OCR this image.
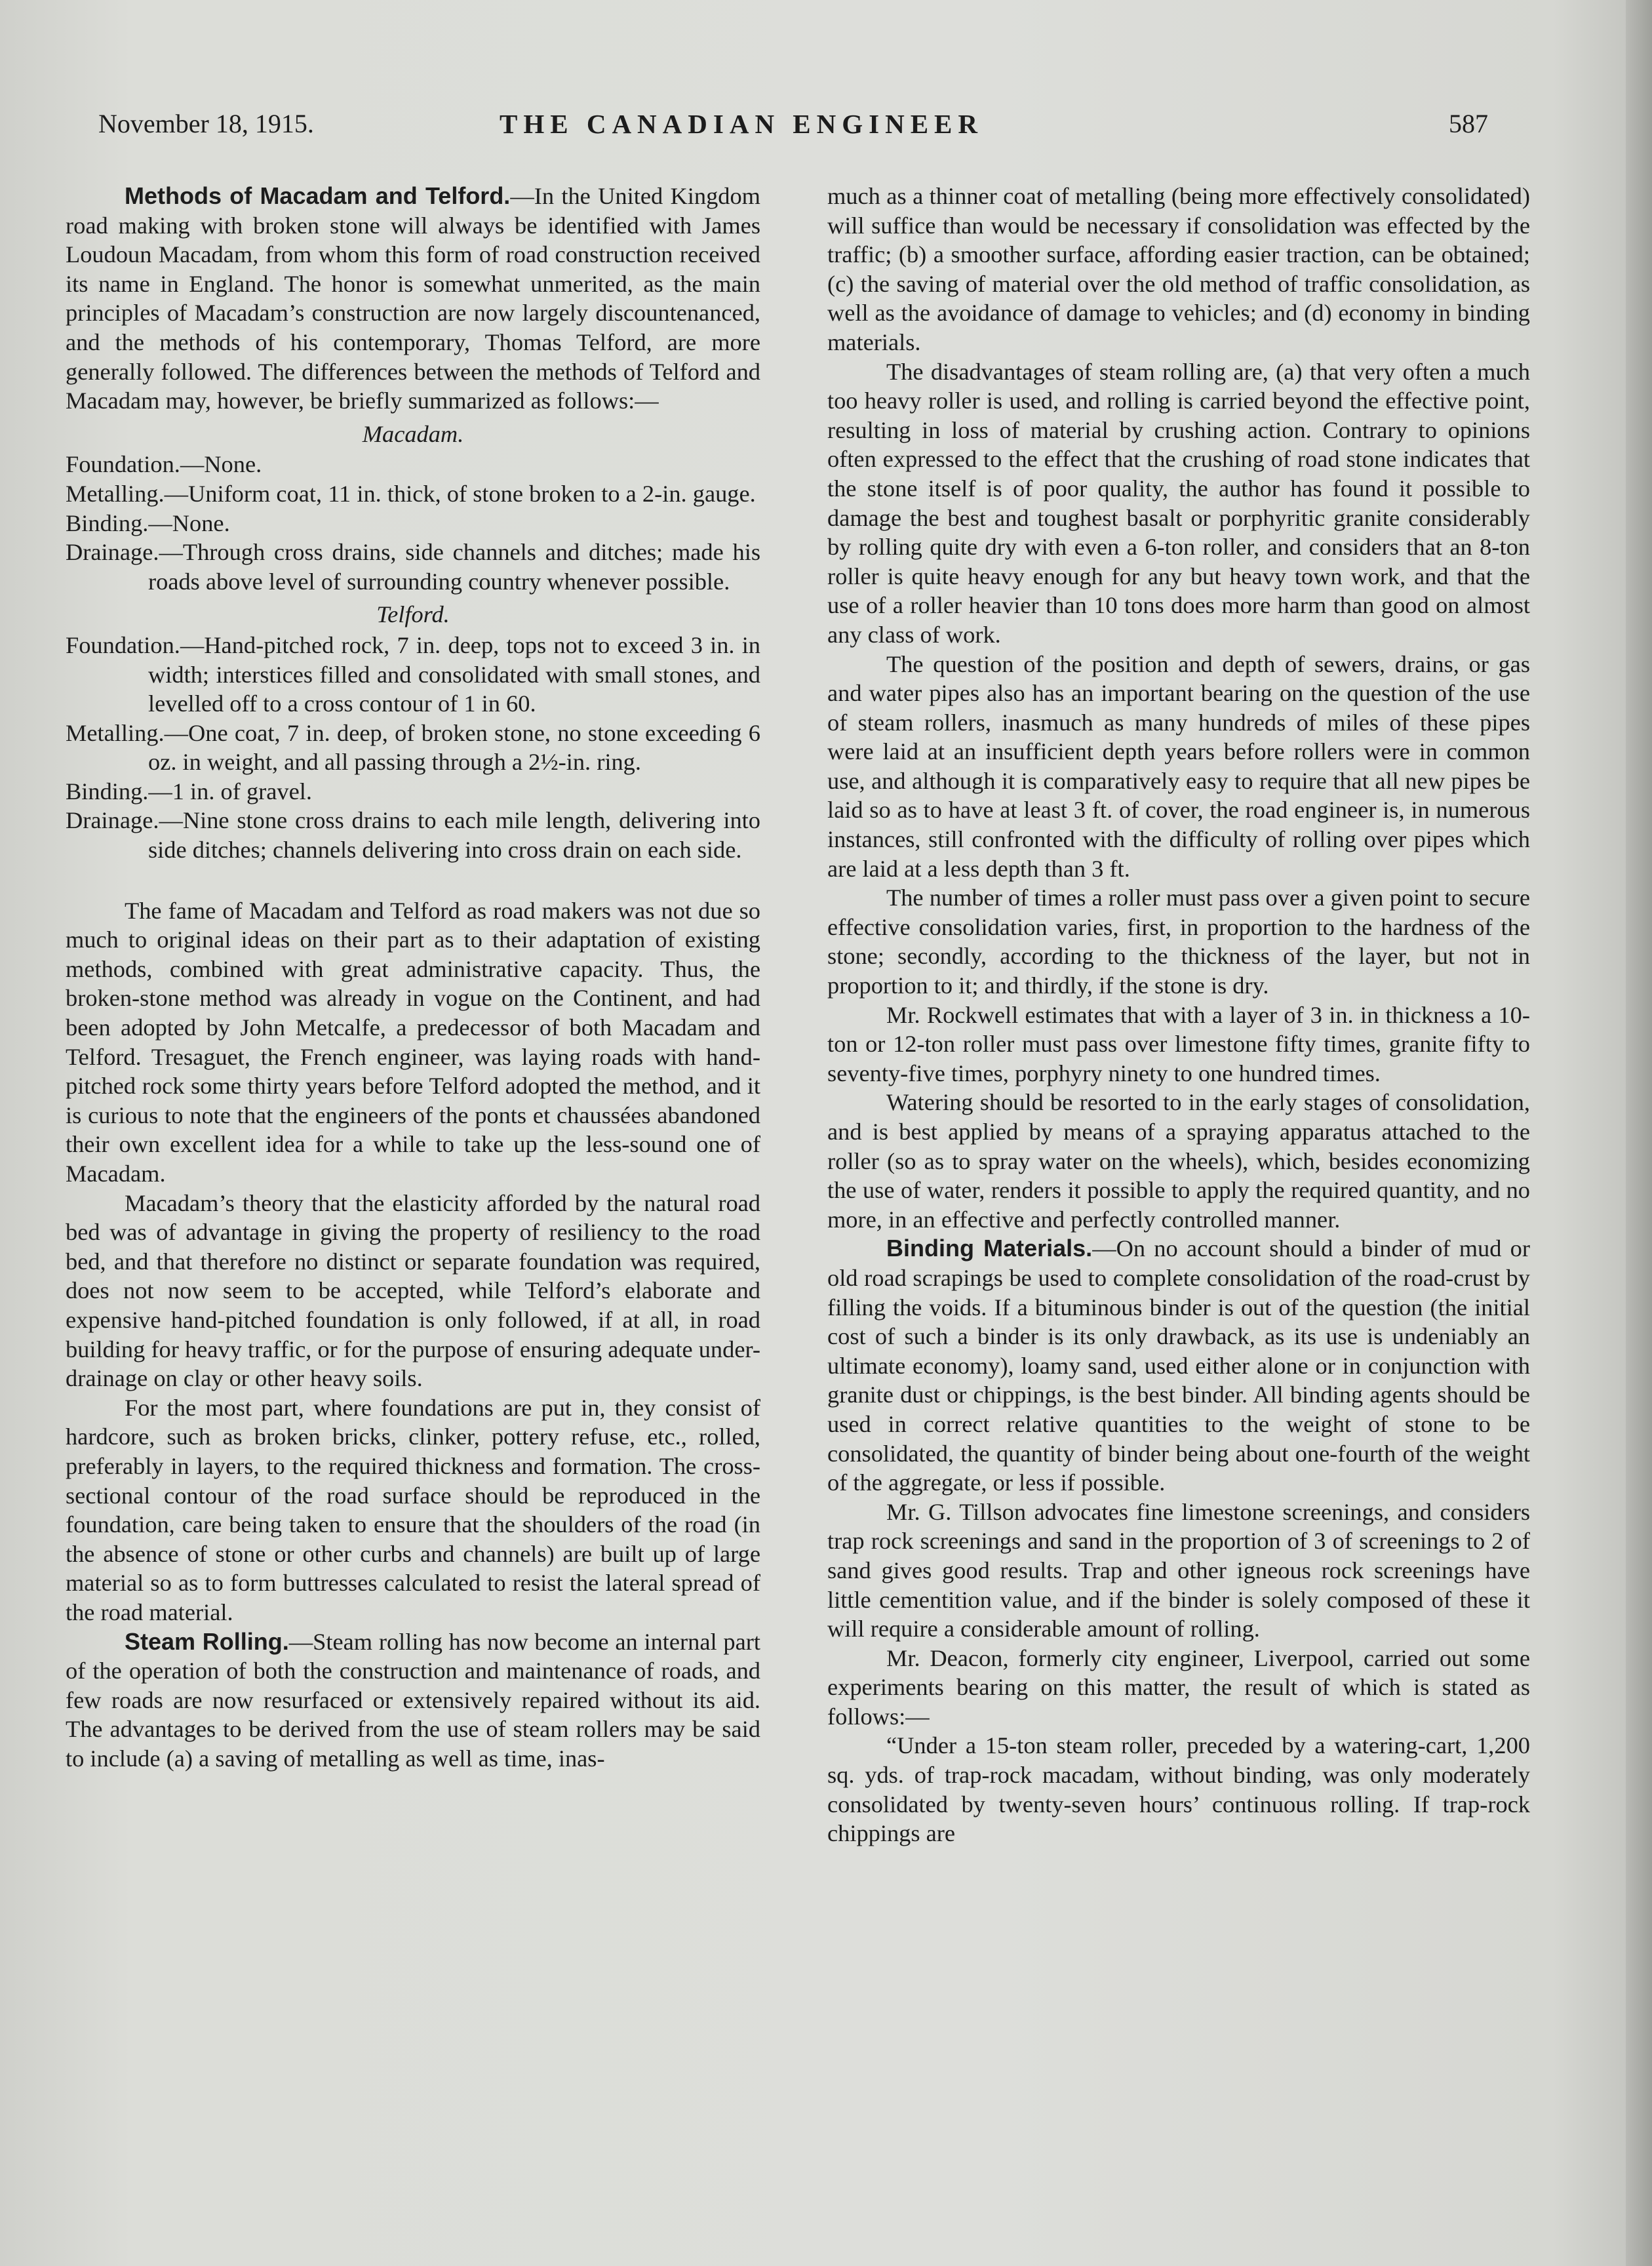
November 18, 1915.	THE CANADIAN ENGINEER	587

Methods of Macadam and Telford.—In the United Kingdom road making with broken stone will always be identified with James Loudoun Macadam, from whom this form of road construction received its name in England. The honor is somewhat unmerited, as the main principles of Macadam’s construction are now largely discountenanced, and the methods of his contemporary, Thomas Telford, are more generally followed. The differences between the methods of Telford and Macadam may, however, be briefly summarized as follows:—

Macadam.

Foundation.—None.

Metalling.—Uniform coat, 11 in. thick, of stone broken to a 2-in. gauge.

Binding.—None.

Drainage.—Through cross drains, side channels and ditches; made his roads above level of surrounding country whenever possible.

Telford.

Foundation.—Hand-pitched rock, 7 in. deep, tops not to exceed 3 in. in width; interstices filled and consolidated with small stones, and levelled off to a cross contour of 1 in 60.

Metalling.—One coat, 7 in. deep, of broken stone, no stone exceeding 6 oz. in weight, and all passing through a 2½-in. ring.

Binding.—1 in. of gravel.

Drainage.—Nine stone cross drains to each mile length, delivering into side ditches; channels delivering into cross drain on each side.

The fame of Macadam and Telford as road makers was not due so much to original ideas on their part as to their adaptation of existing methods, combined with great administrative capacity. Thus, the broken-stone method was already in vogue on the Continent, and had been adopted by John Metcalfe, a predecessor of both Macadam and Telford. Tresaguet, the French engineer, was laying roads with hand-pitched rock some thirty years before Telford adopted the method, and it is curious to note that the engineers of the ponts et chaussées abandoned their own excellent idea for a while to take up the less-sound one of Macadam.

Macadam’s theory that the elasticity afforded by the natural road bed was of advantage in giving the property of resiliency to the road bed, and that therefore no distinct or separate foundation was required, does not now seem to be accepted, while Telford’s elaborate and expensive hand-pitched foundation is only followed, if at all, in road building for heavy traffic, or for the purpose of ensuring adequate under-drainage on clay or other heavy soils.

For the most part, where foundations are put in, they consist of hardcore, such as broken bricks, clinker, pottery refuse, etc., rolled, preferably in layers, to the required thickness and formation. The cross-sectional contour of the road surface should be reproduced in the foundation, care being taken to ensure that the shoulders of the road (in the absence of stone or other curbs and channels) are built up of large material so as to form buttresses calculated to resist the lateral spread of the road material.

Steam Rolling.—Steam rolling has now become an internal part of the operation of both the construction and maintenance of roads, and few roads are now resurfaced or extensively repaired without its aid. The advantages to be derived from the use of steam rollers may be said to include (a) a saving of metalling as well as time, inas-

much as a thinner coat of metalling (being more effectively consolidated) will suffice than would be necessary if consolidation was effected by the traffic; (b) a smoother surface, affording easier traction, can be obtained; (c) the saving of material over the old method of traffic consolidation, as well as the avoidance of damage to vehicles; and (d) economy in binding materials.

The disadvantages of steam rolling are, (a) that very often a much too heavy roller is used, and rolling is carried beyond the effective point, resulting in loss of material by crushing action. Contrary to opinions often expressed to the effect that the crushing of road stone indicates that the stone itself is of poor quality, the author has found it possible to damage the best and toughest basalt or porphyritic granite considerably by rolling quite dry with even a 6-ton roller, and considers that an 8-ton roller is quite heavy enough for any but heavy town work, and that the use of a roller heavier than 10 tons does more harm than good on almost any class of work.

The question of the position and depth of sewers, drains, or gas and water pipes also has an important bearing on the question of the use of steam rollers, inasmuch as many hundreds of miles of these pipes were laid at an insufficient depth years before rollers were in common use, and although it is comparatively easy to require that all new pipes be laid so as to have at least 3 ft. of cover, the road engineer is, in numerous instances, still confronted with the difficulty of rolling over pipes which are laid at a less depth than 3 ft.

The number of times a roller must pass over a given point to secure effective consolidation varies, first, in proportion to the hardness of the stone; secondly, according to the thickness of the layer, but not in proportion to it; and thirdly, if the stone is dry.

Mr. Rockwell estimates that with a layer of 3 in. in thickness a 10-ton or 12-ton roller must pass over limestone fifty times, granite fifty to seventy-five times, porphyry ninety to one hundred times.

Watering should be resorted to in the early stages of consolidation, and is best applied by means of a spraying apparatus attached to the roller (so as to spray water on the wheels), which, besides economizing the use of water, renders it possible to apply the required quantity, and no more, in an effective and perfectly controlled manner.

Binding Materials.—On no account should a binder of mud or old road scrapings be used to complete consolidation of the road-crust by filling the voids. If a bituminous binder is out of the question (the initial cost of such a binder is its only drawback, as its use is undeniably an ultimate economy), loamy sand, used either alone or in conjunction with granite dust or chippings, is the best binder. All binding agents should be used in correct relative quantities to the weight of stone to be consolidated, the quantity of binder being about one-fourth of the weight of the aggregate, or less if possible.

Mr. G. Tillson advocates fine limestone screenings, and considers trap rock screenings and sand in the proportion of 3 of screenings to 2 of sand gives good results. Trap and other igneous rock screenings have little cementition value, and if the binder is solely composed of these it will require a considerable amount of rolling.

Mr. Deacon, formerly city engineer, Liverpool, carried out some experiments bearing on this matter, the result of which is stated as follows:—

“Under a 15-ton steam roller, preceded by a watering-cart, 1,200 sq. yds. of trap-rock macadam, without binding, was only moderately consolidated by twenty-seven hours’ continuous rolling. If trap-rock chippings are
